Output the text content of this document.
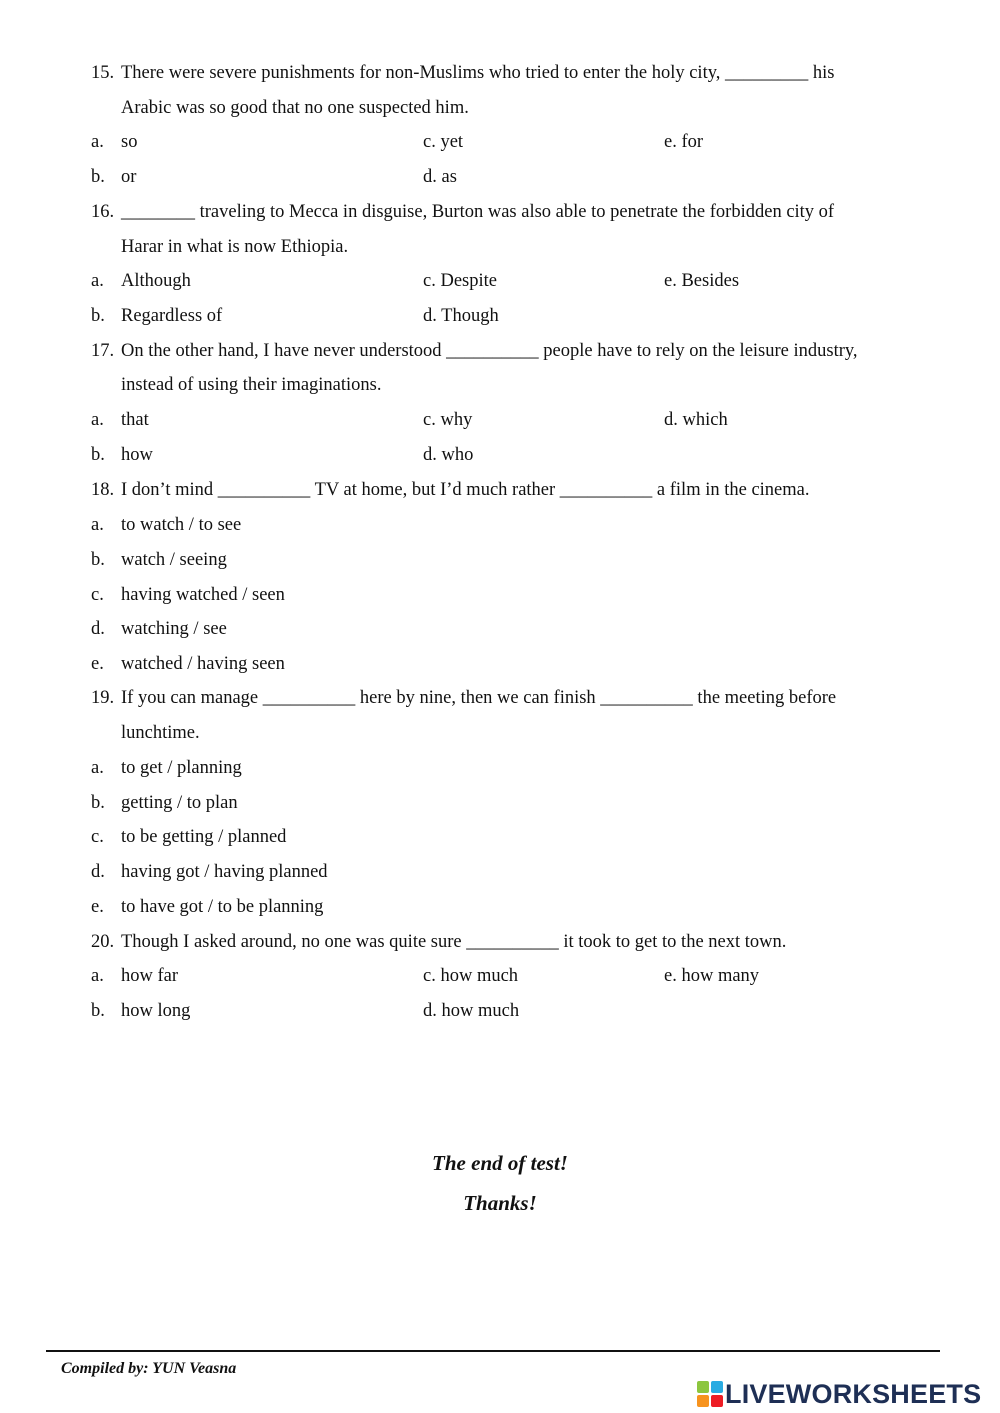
15. There were severe punishments for non-Muslims who tried to enter the holy city, _________ his
Arabic was so good that no one suspected him.
a. so	c. yet	e. for
b. or	d. as
16. ________ traveling to Mecca in disguise, Burton was also able to penetrate the forbidden city of
Harar in what is now Ethiopia.
a. Although	c. Despite	e. Besides
b. Regardless of	d. Though
17. On the other hand, I have never understood __________ people have to rely on the leisure industry,
instead of using their imaginations.
a. that	c. why	d. which
b. how	d. who
18. I don’t mind __________ TV at home, but I’d much rather __________ a film in the cinema.
a. to watch / to see
b. watch / seeing
c. having watched / seen
d. watching / see
e. watched / having seen
19. If you can manage __________ here by nine, then we can finish __________ the meeting before
lunchtime.
a. to get / planning
b. getting / to plan
c. to be getting / planned
d. having got / having planned
e. to have got / to be planning
20. Though I asked around, no one was quite sure __________ it took to get to the next town.
a. how far	c. how much	e. how many
b. how long	d. how much
The end of test!
Thanks!
Compiled by: YUN Veasna
LIVEWORKSHEETS
